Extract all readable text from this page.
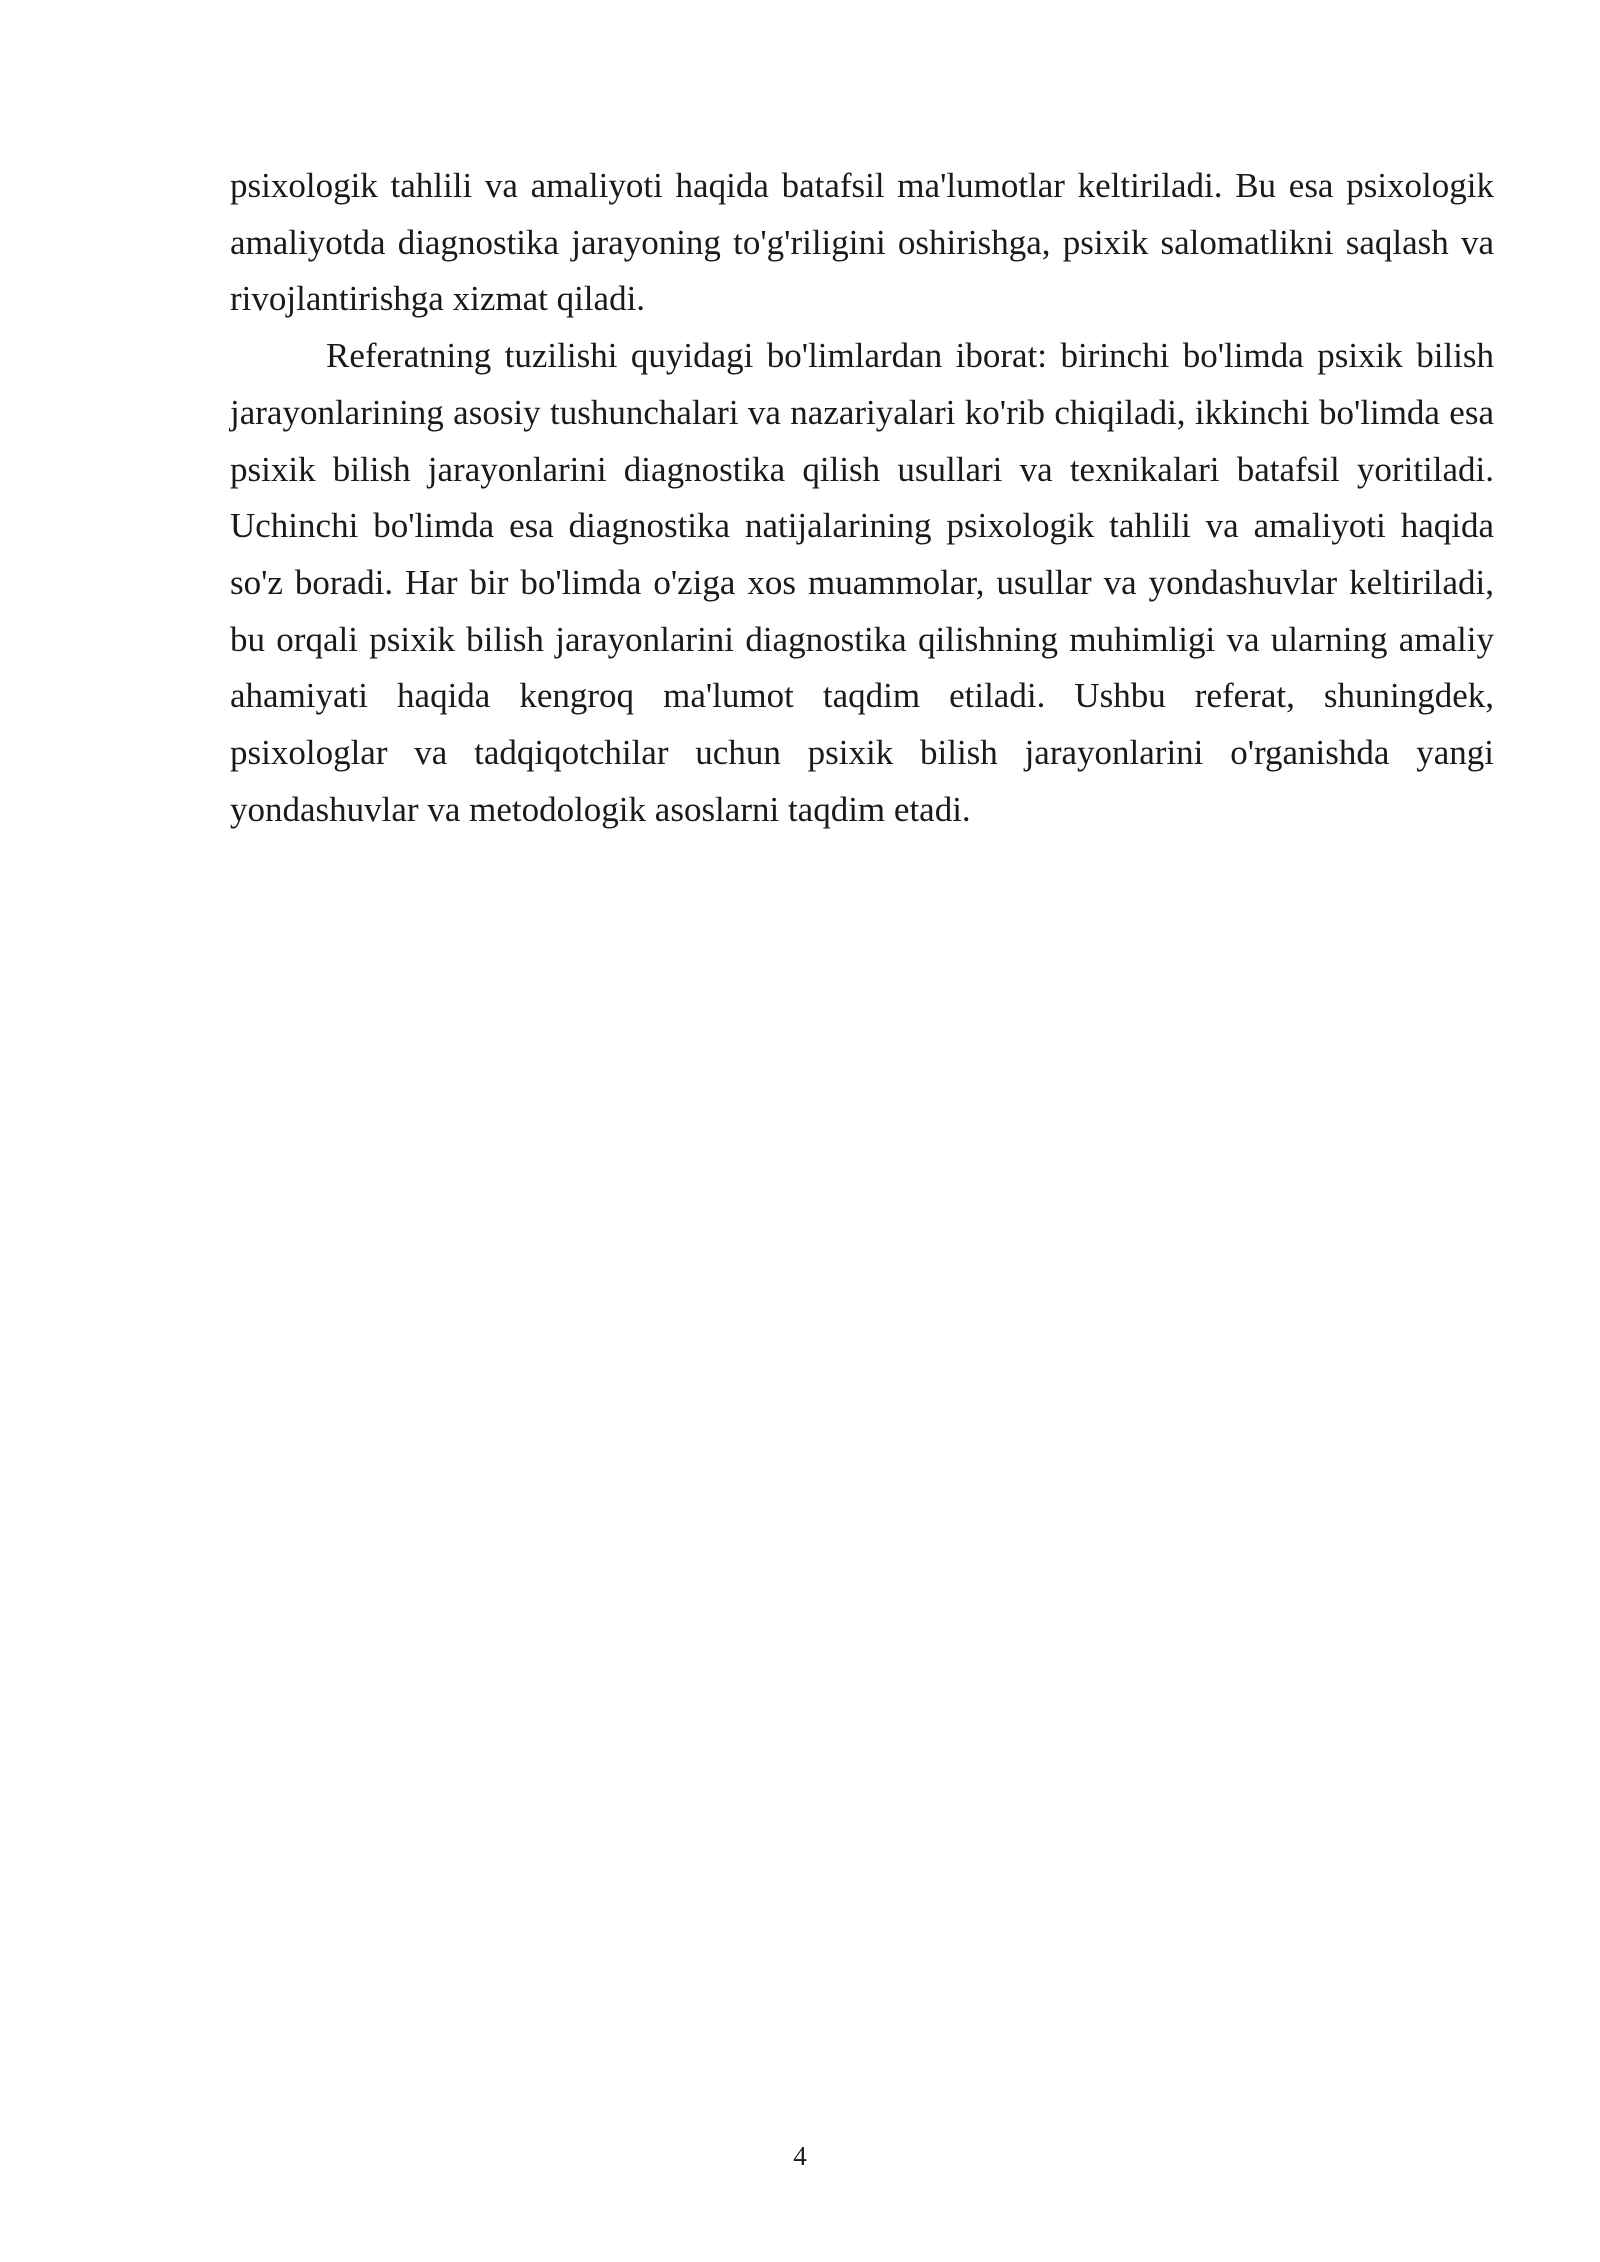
psixologik tahlili va amaliyoti haqida batafsil ma'lumotlar keltiriladi. Bu esa psixologik amaliyotda diagnostika jarayoning to'g'riligini oshirishga, psixik salomatlikni saqlash va rivojlantirishga xizmat qiladi.

Referatning tuzilishi quyidagi bo'limlardan iborat: birinchi bo'limda psixik bilish jarayonlarining asosiy tushunchalari va nazariyalari ko'rib chiqiladi, ikkinchi bo'limda esa psixik bilish jarayonlarini diagnostika qilish usullari va texnikalari batafsil yoritiladi. Uchinchi bo'limda esa diagnostika natijalarining psixologik tahlili va amaliyoti haqida so'z boradi. Har bir bo'limda o'ziga xos muammolar, usullar va yondashuvlar keltiriladi, bu orqali psixik bilish jarayonlarini diagnostika qilishning muhimligi va ularning amaliy ahamiyati haqida kengroq ma'lumot taqdim etiladi. Ushbu referat, shuningdek, psixologlar va tadqiqotchilar uchun psixik bilish jarayonlarini o'rganishda yangi yondashuvlar va metodologik asoslarni taqdim etadi.

4
